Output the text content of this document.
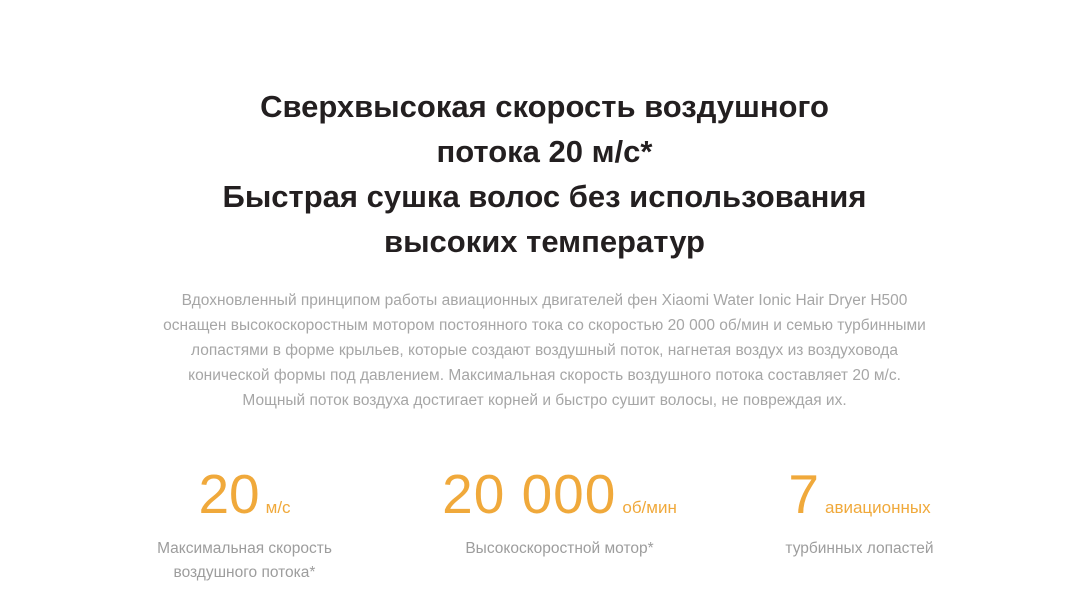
Сверхвысокая скорость воздушного
потока 20 м/с*
Быстрая сушка волос без использования
высоких температур
Вдохновленный принципом работы авиационных двигателей фен Xiaomi Water Ionic Hair Dryer H500
оснащен высокоскоростным мотором постоянного тока со скоростью 20 000 об/мин и семью турбинными
лопастями в форме крыльев, которые создают воздушный поток, нагнетая воздух из воздуховода
конической формы под давлением. Максимальная скорость воздушного потока составляет 20 м/с.
Мощный поток воздуха достигает корней и быстро сушит волосы, не повреждая их.
20 м/с
Максимальная скорость
воздушного потока*
20 000 об/мин
Высокоскоростной мотор*
7 авиационных
турбинных лопастей
